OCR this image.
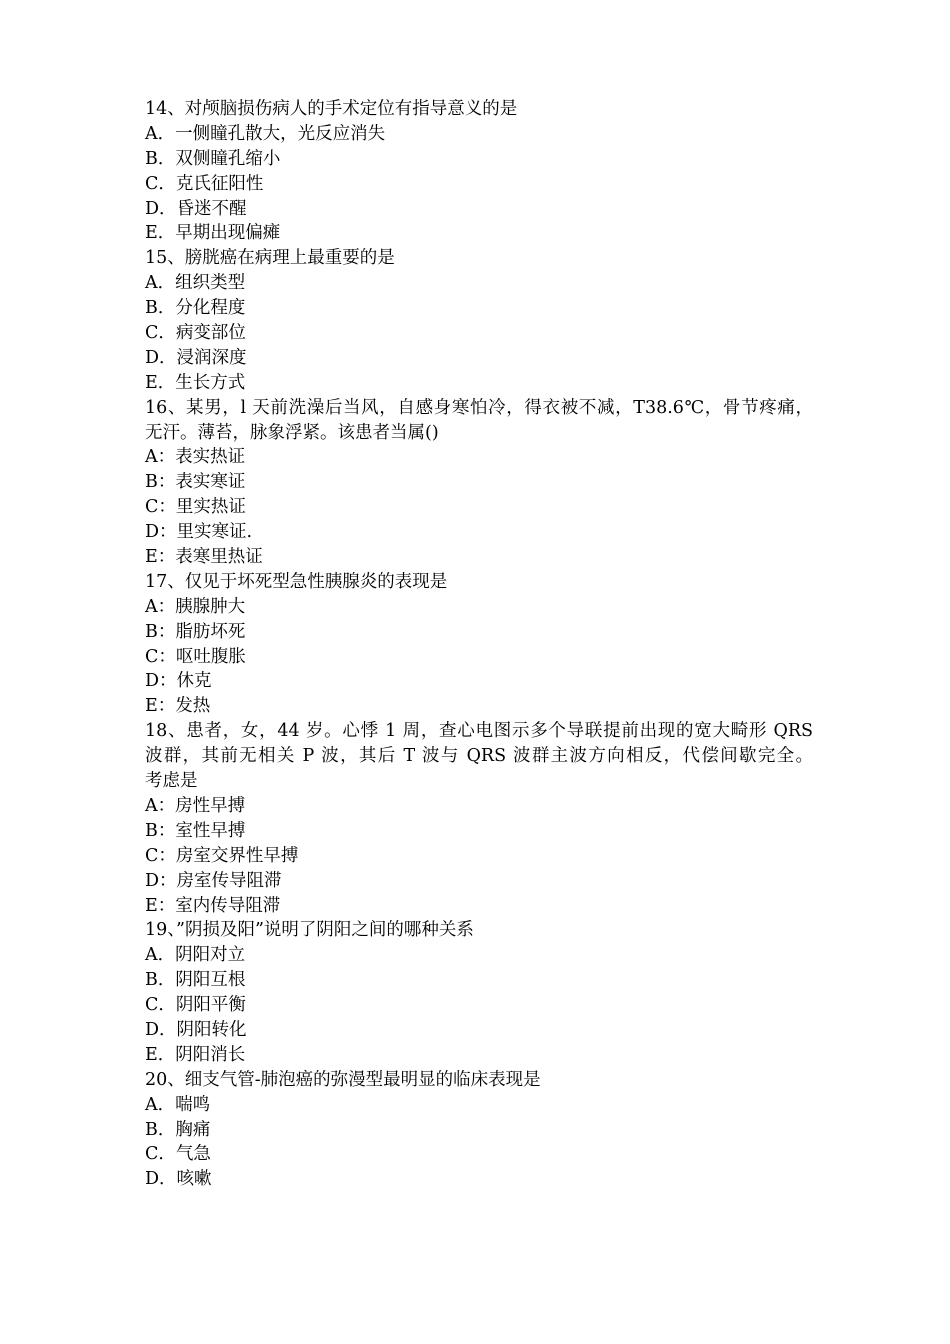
14、对颅脑损伤病人的手术定位有指导意义的是
A．一侧瞳孔散大，光反应消失
B．双侧瞳孔缩小
C．克氏征阳性
D．昏迷不醒
E．早期出现偏瘫
15、膀胱癌在病理上最重要的是
A．组织类型
B．分化程度
C．病变部位
D．浸润深度
E．生长方式
16、某男，l 天前洗澡后当风，自感身寒怕冷，得衣被不减，T38.6℃，骨节疼痛，
无汗。薄苔，脉象浮紧。该患者当属()
A：表实热证
B：表实寒证
C：里实热证
D：里实寒证.
E：表寒里热证
17、仅见于坏死型急性胰腺炎的表现是
A：胰腺肿大
B：脂肪坏死
C：呕吐腹胀
D：休克
E：发热
18、患者，女，44 岁。心悸 1 周，查心电图示多个导联提前出现的宽大畸形 QRS
波群，其前无相关 P 波，其后 T 波与 QRS 波群主波方向相反，代偿间歇完全。
考虑是
A：房性早搏
B：室性早搏
C：房室交界性早搏
D：房室传导阻滞
E：室内传导阻滞
19、”阴损及阳”说明了阴阳之间的哪种关系
A．阴阳对立
B．阴阳互根
C．阴阳平衡
D．阴阳转化
E．阴阳消长
20、细支气管-肺泡癌的弥漫型最明显的临床表现是
A．喘鸣
B．胸痛
C．气急
D．咳嗽
